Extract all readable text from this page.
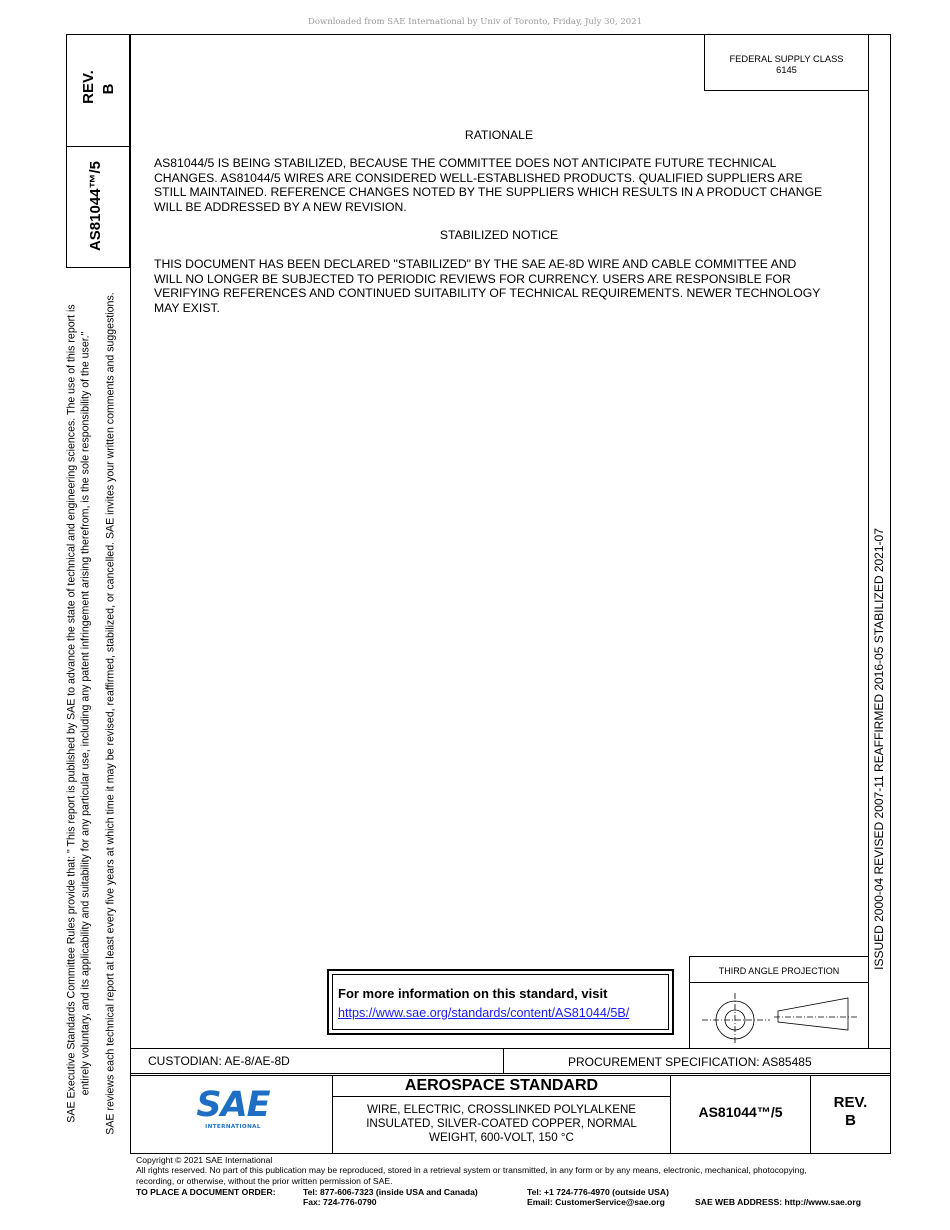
Downloaded from SAE International by Univ of Toronto, Friday, July 30, 2021
REV. B
AS81044™/5
SAE Executive Standards Committee Rules provide that: " This report is published by SAE to advance the state of technical and engineering sciences. The use of this report is entirely voluntary, and its applicability and suitability for any particular use, including any patent infringement arising therefrom, is the sole responsibility of the user." SAE reviews each technical report at least every five years at which time it may be revised, reaffirmed, stabilized, or cancelled. SAE invites your written comments and suggestions.
FEDERAL SUPPLY CLASS
6145
ISSUED 2000-04 REVISED 2007-11 REAFFIRMED 2016-05 STABILIZED 2021-07
RATIONALE
AS81044/5 IS BEING STABILIZED, BECAUSE THE COMMITTEE DOES NOT ANTICIPATE FUTURE TECHNICAL
CHANGES. AS81044/5 WIRES ARE CONSIDERED WELL-ESTABLISHED PRODUCTS. QUALIFIED SUPPLIERS ARE
STILL MAINTAINED. REFERENCE CHANGES NOTED BY THE SUPPLIERS WHICH RESULTS IN A PRODUCT CHANGE
WILL BE ADDRESSED BY A NEW REVISION.
STABILIZED NOTICE
THIS DOCUMENT HAS BEEN DECLARED "STABILIZED" BY THE SAE AE-8D WIRE AND CABLE COMMITTEE AND
WILL NO LONGER BE SUBJECTED TO PERIODIC REVIEWS FOR CURRENCY. USERS ARE RESPONSIBLE FOR
VERIFYING REFERENCES AND CONTINUED SUITABILITY OF TECHNICAL REQUIREMENTS. NEWER TECHNOLOGY
MAY EXIST.
For more information on this standard, visit
https://www.sae.org/standards/content/AS81044/5B/
THIRD ANGLE PROJECTION
CUSTODIAN: AE-8/AE-8D	PROCUREMENT SPECIFICATION: AS85485
SAE
INTERNATIONAL
AEROSPACE STANDARD
WIRE, ELECTRIC, CROSSLINKED POLYLALKENE
INSULATED, SILVER-COATED COPPER, NORMAL
WEIGHT, 600-VOLT, 150 °C
AS81044™/5
REV.
B
Copyright © 2021 SAE International
All rights reserved. No part of this publication may be reproduced, stored in a retrieval system or transmitted, in any form or by any means, electronic, mechanical, photocopying,
recording, or otherwise, without the prior written permission of SAE.
TO PLACE A DOCUMENT ORDER:	Tel: 877-606-7323 (inside USA and Canada)
Fax: 724-776-0790
Tel: +1 724-776-4970 (outside USA)
Email: CustomerService@sae.org	SAE WEB ADDRESS: http://www.sae.org
